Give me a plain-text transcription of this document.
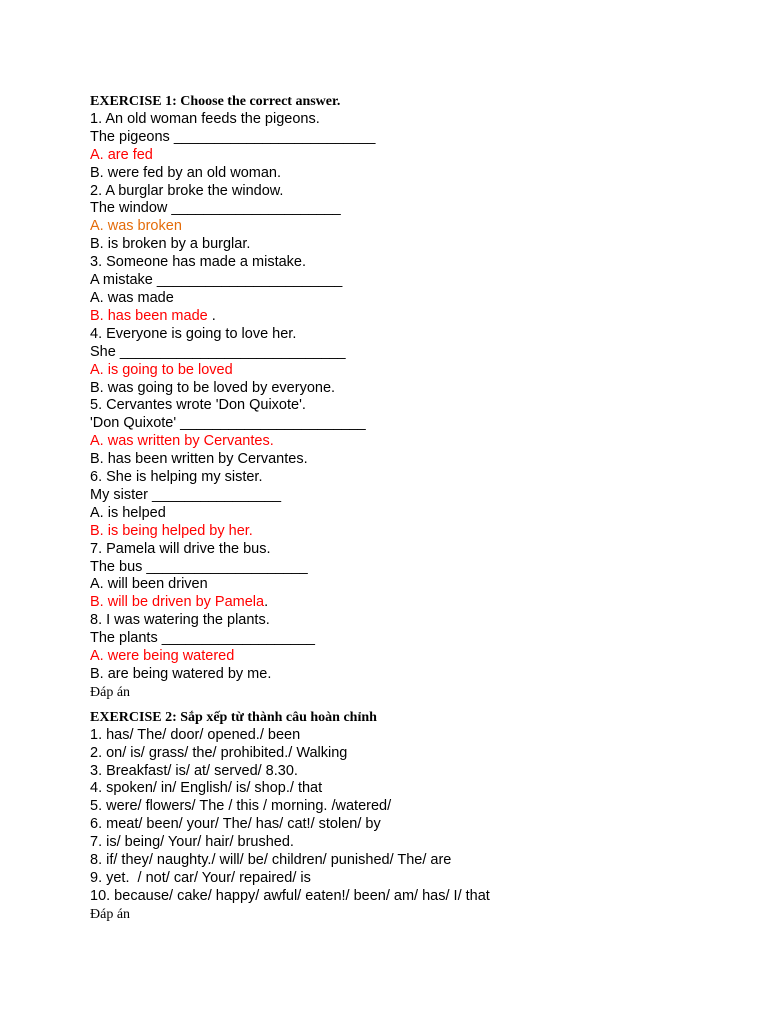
EXERCISE 1: Choose the correct answer.
1. An old woman feeds the pigeons.
The pigeons _________________________
A. are fed
B. were fed by an old woman.
2. A burglar broke the window.
The window _____________________
A. was broken
B. is broken by a burglar.
3. Someone has made a mistake.
A mistake _______________________
A. was made
B. has been made .
4. Everyone is going to love her.
She ____________________________
A. is going to be loved
B. was going to be loved by everyone.
5. Cervantes wrote 'Don Quixote'.
'Don Quixote' _______________________
A. was written by Cervantes.
B. has been written by Cervantes.
6. She is helping my sister.
My sister ________________
A. is helped
B. is being helped by her.
7. Pamela will drive the bus.
The bus ____________________
A. will been driven
B. will be driven by Pamela.
8. I was watering the plants.
The plants ___________________
A. were being watered
B. are being watered by me.
Đáp án
EXERCISE 2: Sắp xếp từ thành câu hoàn chỉnh
1. has/ The/ door/ opened./ been
2. on/ is/ grass/ the/ prohibited./ Walking
3. Breakfast/ is/ at/ served/ 8.30.
4. spoken/ in/ English/ is/ shop./ that
5. were/ flowers/ The / this / morning. /watered/
6. meat/ been/ your/ The/ has/ cat!/ stolen/ by
7. is/ being/ Your/ hair/ brushed.
8. if/ they/ naughty./ will/ be/ children/ punished/ The/ are
9. yet.  / not/ car/ Your/ repaired/ is
10. because/ cake/ happy/ awful/ eaten!/ been/ am/ has/ I/ that
Đáp án
